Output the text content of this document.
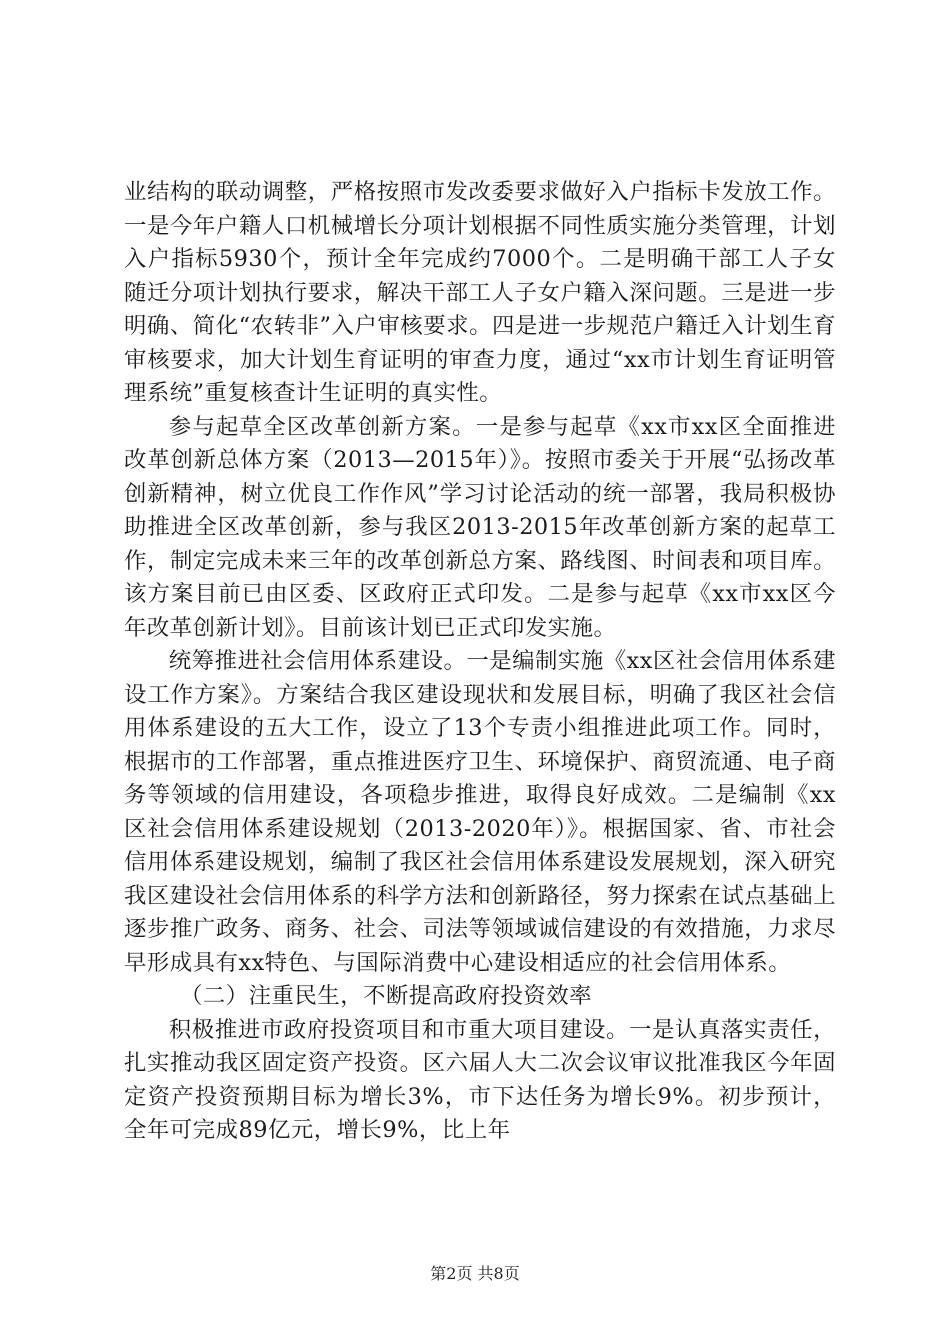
业结构的联动调整，严格按照市发改委要求做好入户指标卡发放工作。一是今年户籍人口机械增长分项计划根据不同性质实施分类管理，计划入户指标5930个，预计全年完成约7000个。二是明确干部工人子女随迁分项计划执行要求，解决干部工人子女户籍入深问题。三是进一步明确、简化“农转非”入户审核要求。四是进一步规范户籍迁入计划生育审核要求，加大计划生育证明的审查力度，通过“xx市计划生育证明管理系统”重复核查计生证明的真实性。

参与起草全区改革创新方案。一是参与起草《xx市xx区全面推进改革创新总体方案（2013—2015年）》。按照市委关于开展“弘扬改革创新精神，树立优良工作作风”学习讨论活动的统一部署，我局积极协助推进全区改革创新，参与我区2013-2015年改革创新方案的起草工作，制定完成未来三年的改革创新总方案、路线图、时间表和项目库。该方案目前已由区委、区政府正式印发。二是参与起草《xx市xx区今年改革创新计划》。目前该计划已正式印发实施。

统筹推进社会信用体系建设。一是编制实施《xx区社会信用体系建设工作方案》。方案结合我区建设现状和发展目标，明确了我区社会信用体系建设的五大工作，设立了13个专责小组推进此项工作。同时，根据市的工作部署，重点推进医疗卫生、环境保护、商贸流通、电子商务等领域的信用建设，各项稳步推进，取得良好成效。二是编制《xx区社会信用体系建设规划（2013-2020年）》。根据国家、省、市社会信用体系建设规划，编制了我区社会信用体系建设发展规划，深入研究我区建设社会信用体系的科学方法和创新路径，努力探索在试点基础上逐步推广政务、商务、社会、司法等领域诚信建设的有效措施，力求尽早形成具有xx特色、与国际消费中心建设相适应的社会信用体系。

（二）注重民生，不断提高政府投资效率

积极推进市政府投资项目和市重大项目建设。一是认真落实责任，扎实推动我区固定资产投资。区六届人大二次会议审议批准我区今年固定资产投资预期目标为增长3%，市下达任务为增长9%。初步预计，全年可完成89亿元，增长9%，比上年

第2页 共8页
